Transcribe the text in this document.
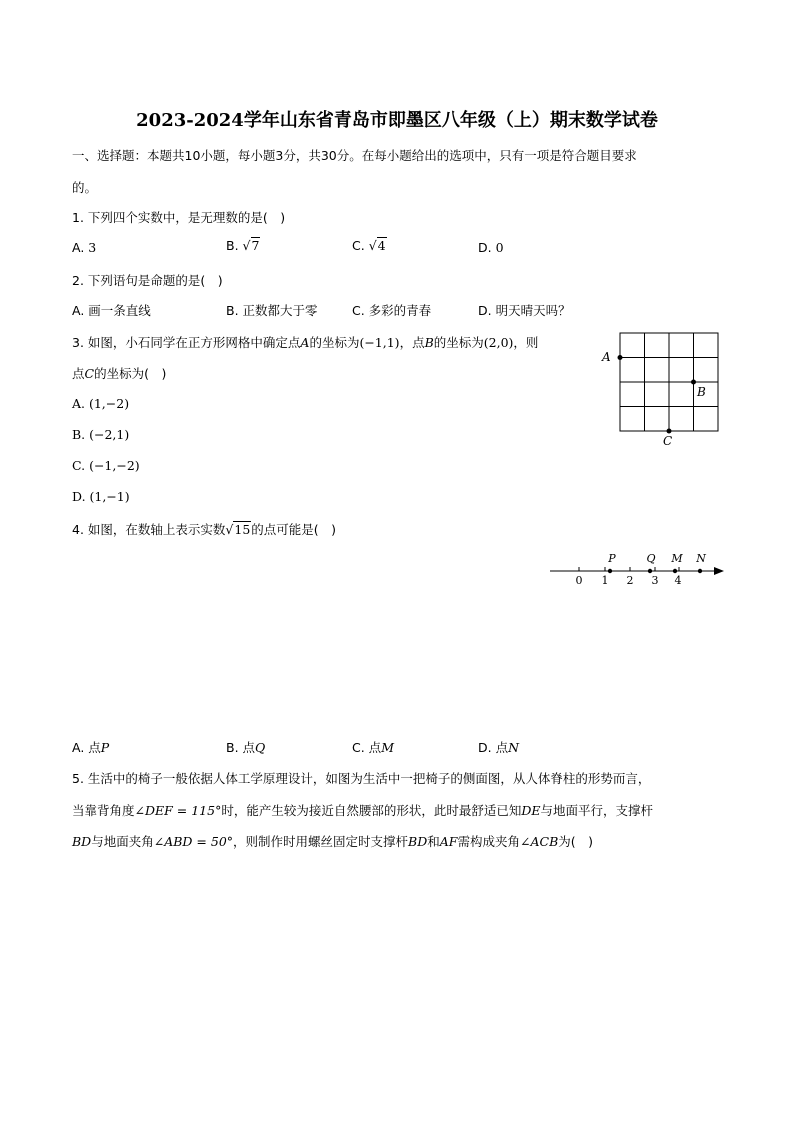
2023-2024学年山东省青岛市即墨区八年级（上）期末数学试卷
一、选择题：本题共10小题，每小题3分，共30分。在每小题给出的选项中，只有一项是符合题目要求
的。
1. 下列四个实数中，是无理数的是(　)
A. 3	B. √7	C. √4	D. 0
2. 下列语句是命题的是(　)
A. 画一条直线	B. 正数都大于零	C. 多彩的青春	D. 明天晴天吗？
3. 如图，小石同学在正方形网格中确定点A的坐标为(−1,1)，点B的坐标为(2,0)，则
点C的坐标为(　)
A. (1,−2)
B. (−2,1)
C. (−1,−2)
D. (1,−1)
A
B
C
4. 如图，在数轴上表示实数√15的点可能是(　)
0 1 2 3 4
P	Q M N
A. 点P	B. 点Q	C. 点M	D. 点N
5. 生活中的椅子一般依据人体工学原理设计，如图为生活中一把椅子的侧面图，从人体脊柱的形势而言，
当靠背角度∠DEF = 115°时，能产生较为接近自然腰部的形状，此时最舒适已知DE与地面平行，支撑杆
BD与地面夹角∠ABD = 50°，则制作时用螺丝固定时支撑杆BD和AF需构成夹角∠ACB为(　)
